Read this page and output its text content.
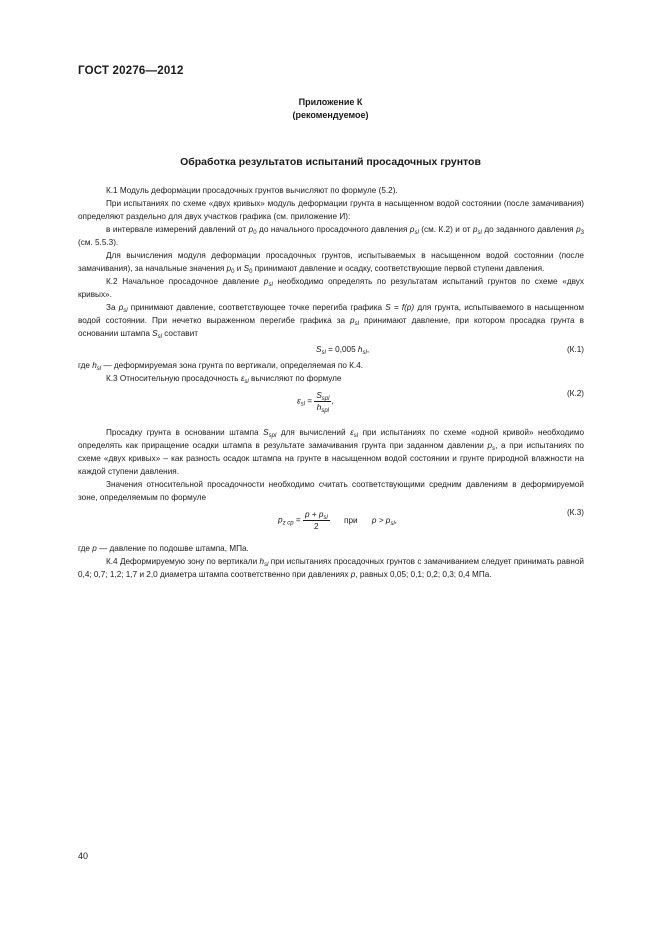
ГОСТ 20276—2012
Приложение К
(рекомендуемое)
Обработка результатов испытаний просадочных грунтов

К.1 Модуль деформации просадочных грунтов вычисляют по формуле (5.2).

При испытаниях по схеме «двух кривых» модуль деформации грунта в насыщенном водой состоянии (после замачивания) определяют раздельно для двух участков графика (см. приложение И):

в интервале измерений давлений от $p_0$ до начального просадочного давления $p_{sl}$ (см. К.2) и от $p_{sl}$ до заданного давления $p_3$ (см. 5.5.3).

Для вычисления модуля деформации просадочных грунтов, испытываемых в насыщенном водой состоянии (после замачивания), за начальные значения $p_0$ и $S_0$ принимают давление и осадку, соответствующие первой ступени давления.

К.2 Начальное просадочное давление $p_{sl}$ необходимо определять по результатам испытаний грунтов по схеме «двух кривых».

За $p_{sl}$ принимают давление, соответствующее точке перегиба графика S = f(p) для грунта, испытываемого в насыщенном водой состоянии. При нечетко выраженном перегибе графика за $p_{sl}$ принимают давление, при котором просадка грунта в основании штампа $S_{sl}$ составит

$S_{sl} = 0,005$ $h_{sl}$,	(К.1)

где $h_{sl}$ — деформируемая зона грунта по вертикали, определяемая по К.4.

К.3 Относительную просадочность $\varepsilon_{sl}$ вычисляют по формуле

$\varepsilon_{sl} = \frac{S_{spl}}{h_{spl}}$ ,
(К.2)

Просадку грунта в основании штампа $S_{spl}$ для вычислений $\varepsilon_{sl}$ при испытаниях по схеме «одной кривой» необходимо определять как приращение осадки штампа в результате замачивания грунта при заданном давлении $p_s$, а при испытаниях по схеме «двух кривых» – как разность осадок штампа на грунте в насыщенном водой состоянии и грунте природной влажности на каждой ступени давления.

Значения относительной просадочности необходимо считать соответствующими средним давлениям в деформируемой зоне, определяемым по формуле

$p_{z ср} = \frac{p + p_{sl}}{2}$ при $p > p_{sl}$,
(К.3)

где p — давление по подошве штампа, МПа.

К.4 Деформируемую зону по вертикали $h_{sl}$ при испытаниях просадочных грунтов с замачиванием следует принимать равной 0,4; 0,7; 1,2; 1,7 и 2,0 диаметра штампа соответственно при давлениях p, равных 0,05; 0,1; 0,2; 0,3; 0,4 МПа.

40
